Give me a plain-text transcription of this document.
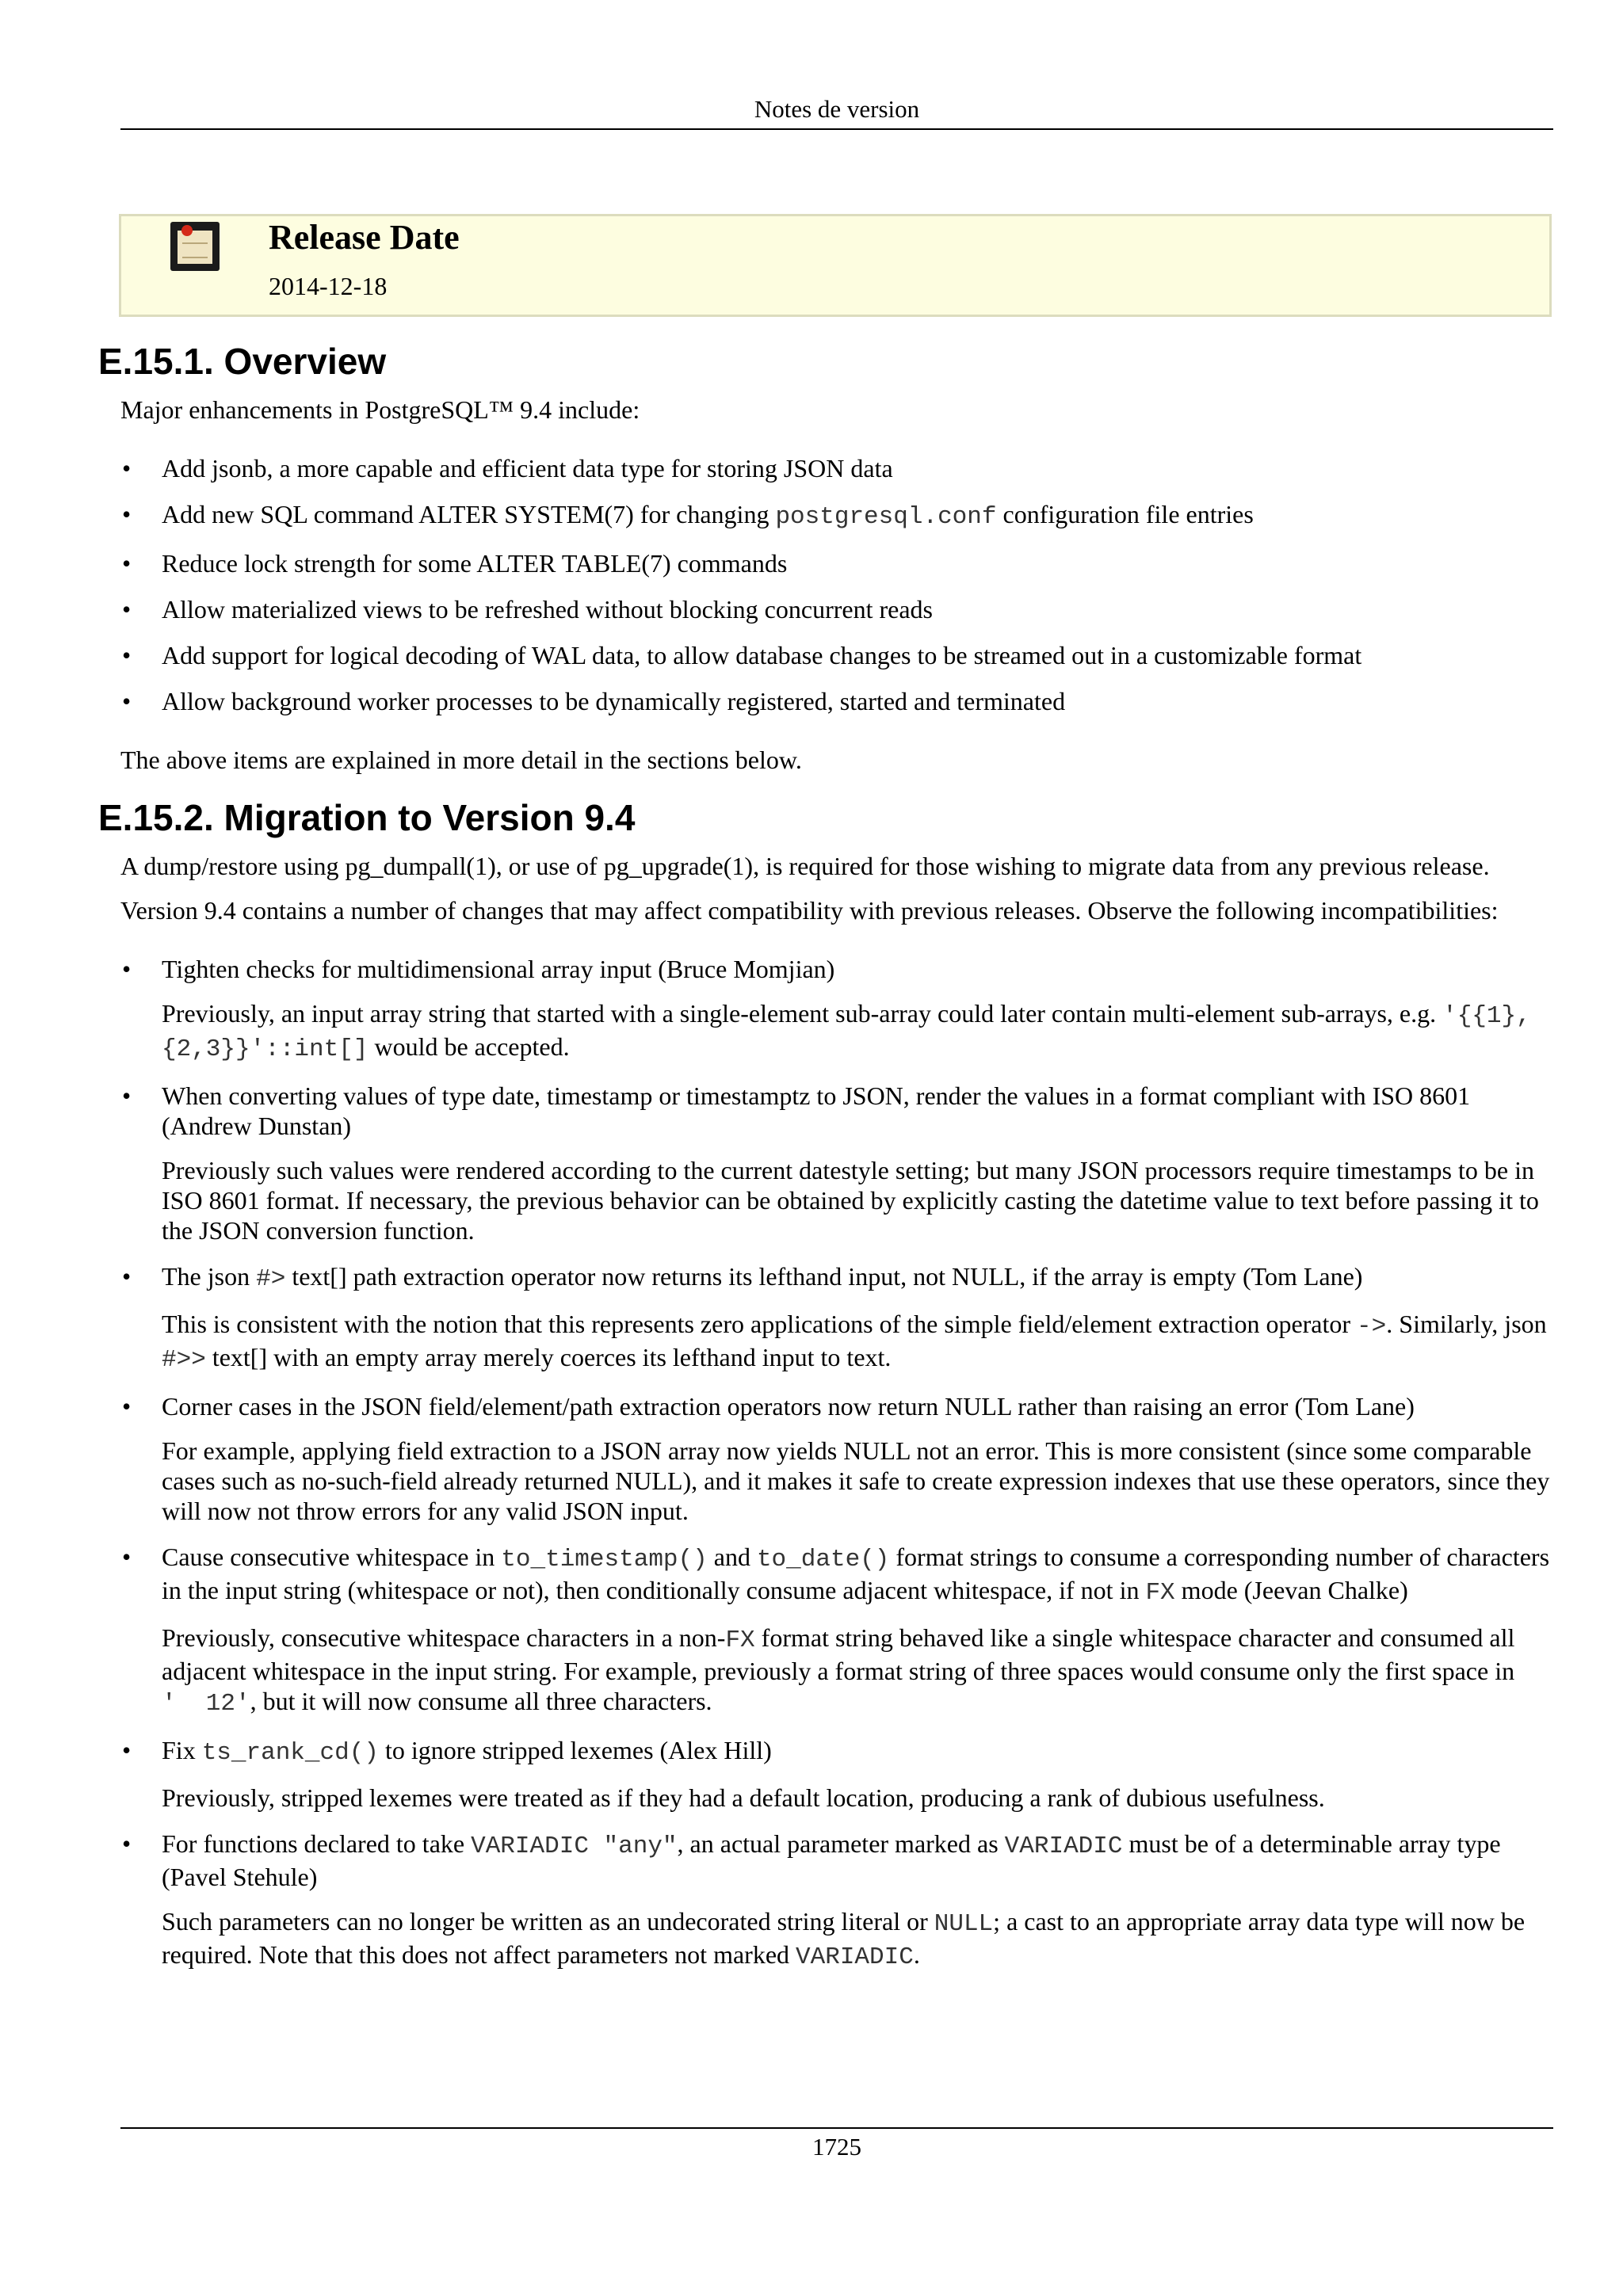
Notes de version
Release Date
2014-12-18
E.15.1. Overview

Major enhancements in PostgreSQL™ 9.4 include:

• Add jsonb, a more capable and efficient data type for storing JSON data
• Add new SQL command ALTER SYSTEM(7) for changing postgresql.conf configuration file entries
• Reduce lock strength for some ALTER TABLE(7) commands
• Allow materialized views to be refreshed without blocking concurrent reads
• Add support for logical decoding of WAL data, to allow database changes to be streamed out in a customizable format
• Allow background worker processes to be dynamically registered, started and terminated

The above items are explained in more detail in the sections below.

E.15.2. Migration to Version 9.4

A dump/restore using pg_dumpall(1), or use of pg_upgrade(1), is required for those wishing to migrate data from any previous release.

Version 9.4 contains a number of changes that may affect compatibility with previous releases. Observe the following incompatibilities:

• Tighten checks for multidimensional array input (Bruce Momjian)

Previously, an input array string that started with a single-element sub-array could later contain multi-element sub-arrays, e.g. '{{1}, {2,3}}'::int[] would be accepted.

• When converting values of type date, timestamp or timestamptz to JSON, render the values in a format compliant with ISO 8601 (Andrew Dunstan)

Previously such values were rendered according to the current datestyle setting; but many JSON processors require timestamps to be in ISO 8601 format. If necessary, the previous behavior can be obtained by explicitly casting the datetime value to text before passing it to the JSON conversion function.

• The json #> text[] path extraction operator now returns its lefthand input, not NULL, if the array is empty (Tom Lane)

This is consistent with the notion that this represents zero applications of the simple field/element extraction operator ->. Similarly, json #>> text[] with an empty array merely coerces its lefthand input to text.

• Corner cases in the JSON field/element/path extraction operators now return NULL rather than raising an error (Tom Lane)

For example, applying field extraction to a JSON array now yields NULL not an error. This is more consistent (since some comparable cases such as no-such-field already returned NULL), and it makes it safe to create expression indexes that use these operators, since they will now not throw errors for any valid JSON input.

• Cause consecutive whitespace in to_timestamp() and to_date() format strings to consume a corresponding number of characters in the input string (whitespace or not), then conditionally consume adjacent whitespace, if not in FX mode (Jeevan Chalke)

Previously, consecutive whitespace characters in a non-FX format string behaved like a single whitespace character and consumed all adjacent whitespace in the input string. For example, previously a format string of three spaces would consume only the first space in '  12', but it will now consume all three characters.

• Fix ts_rank_cd() to ignore stripped lexemes (Alex Hill)

Previously, stripped lexemes were treated as if they had a default location, producing a rank of dubious usefulness.

• For functions declared to take VARIADIC "any", an actual parameter marked as VARIADIC must be of a determinable array type (Pavel Stehule)

Such parameters can no longer be written as an undecorated string literal or NULL; a cast to an appropriate array data type will now be required. Note that this does not affect parameters not marked VARIADIC.

1725
